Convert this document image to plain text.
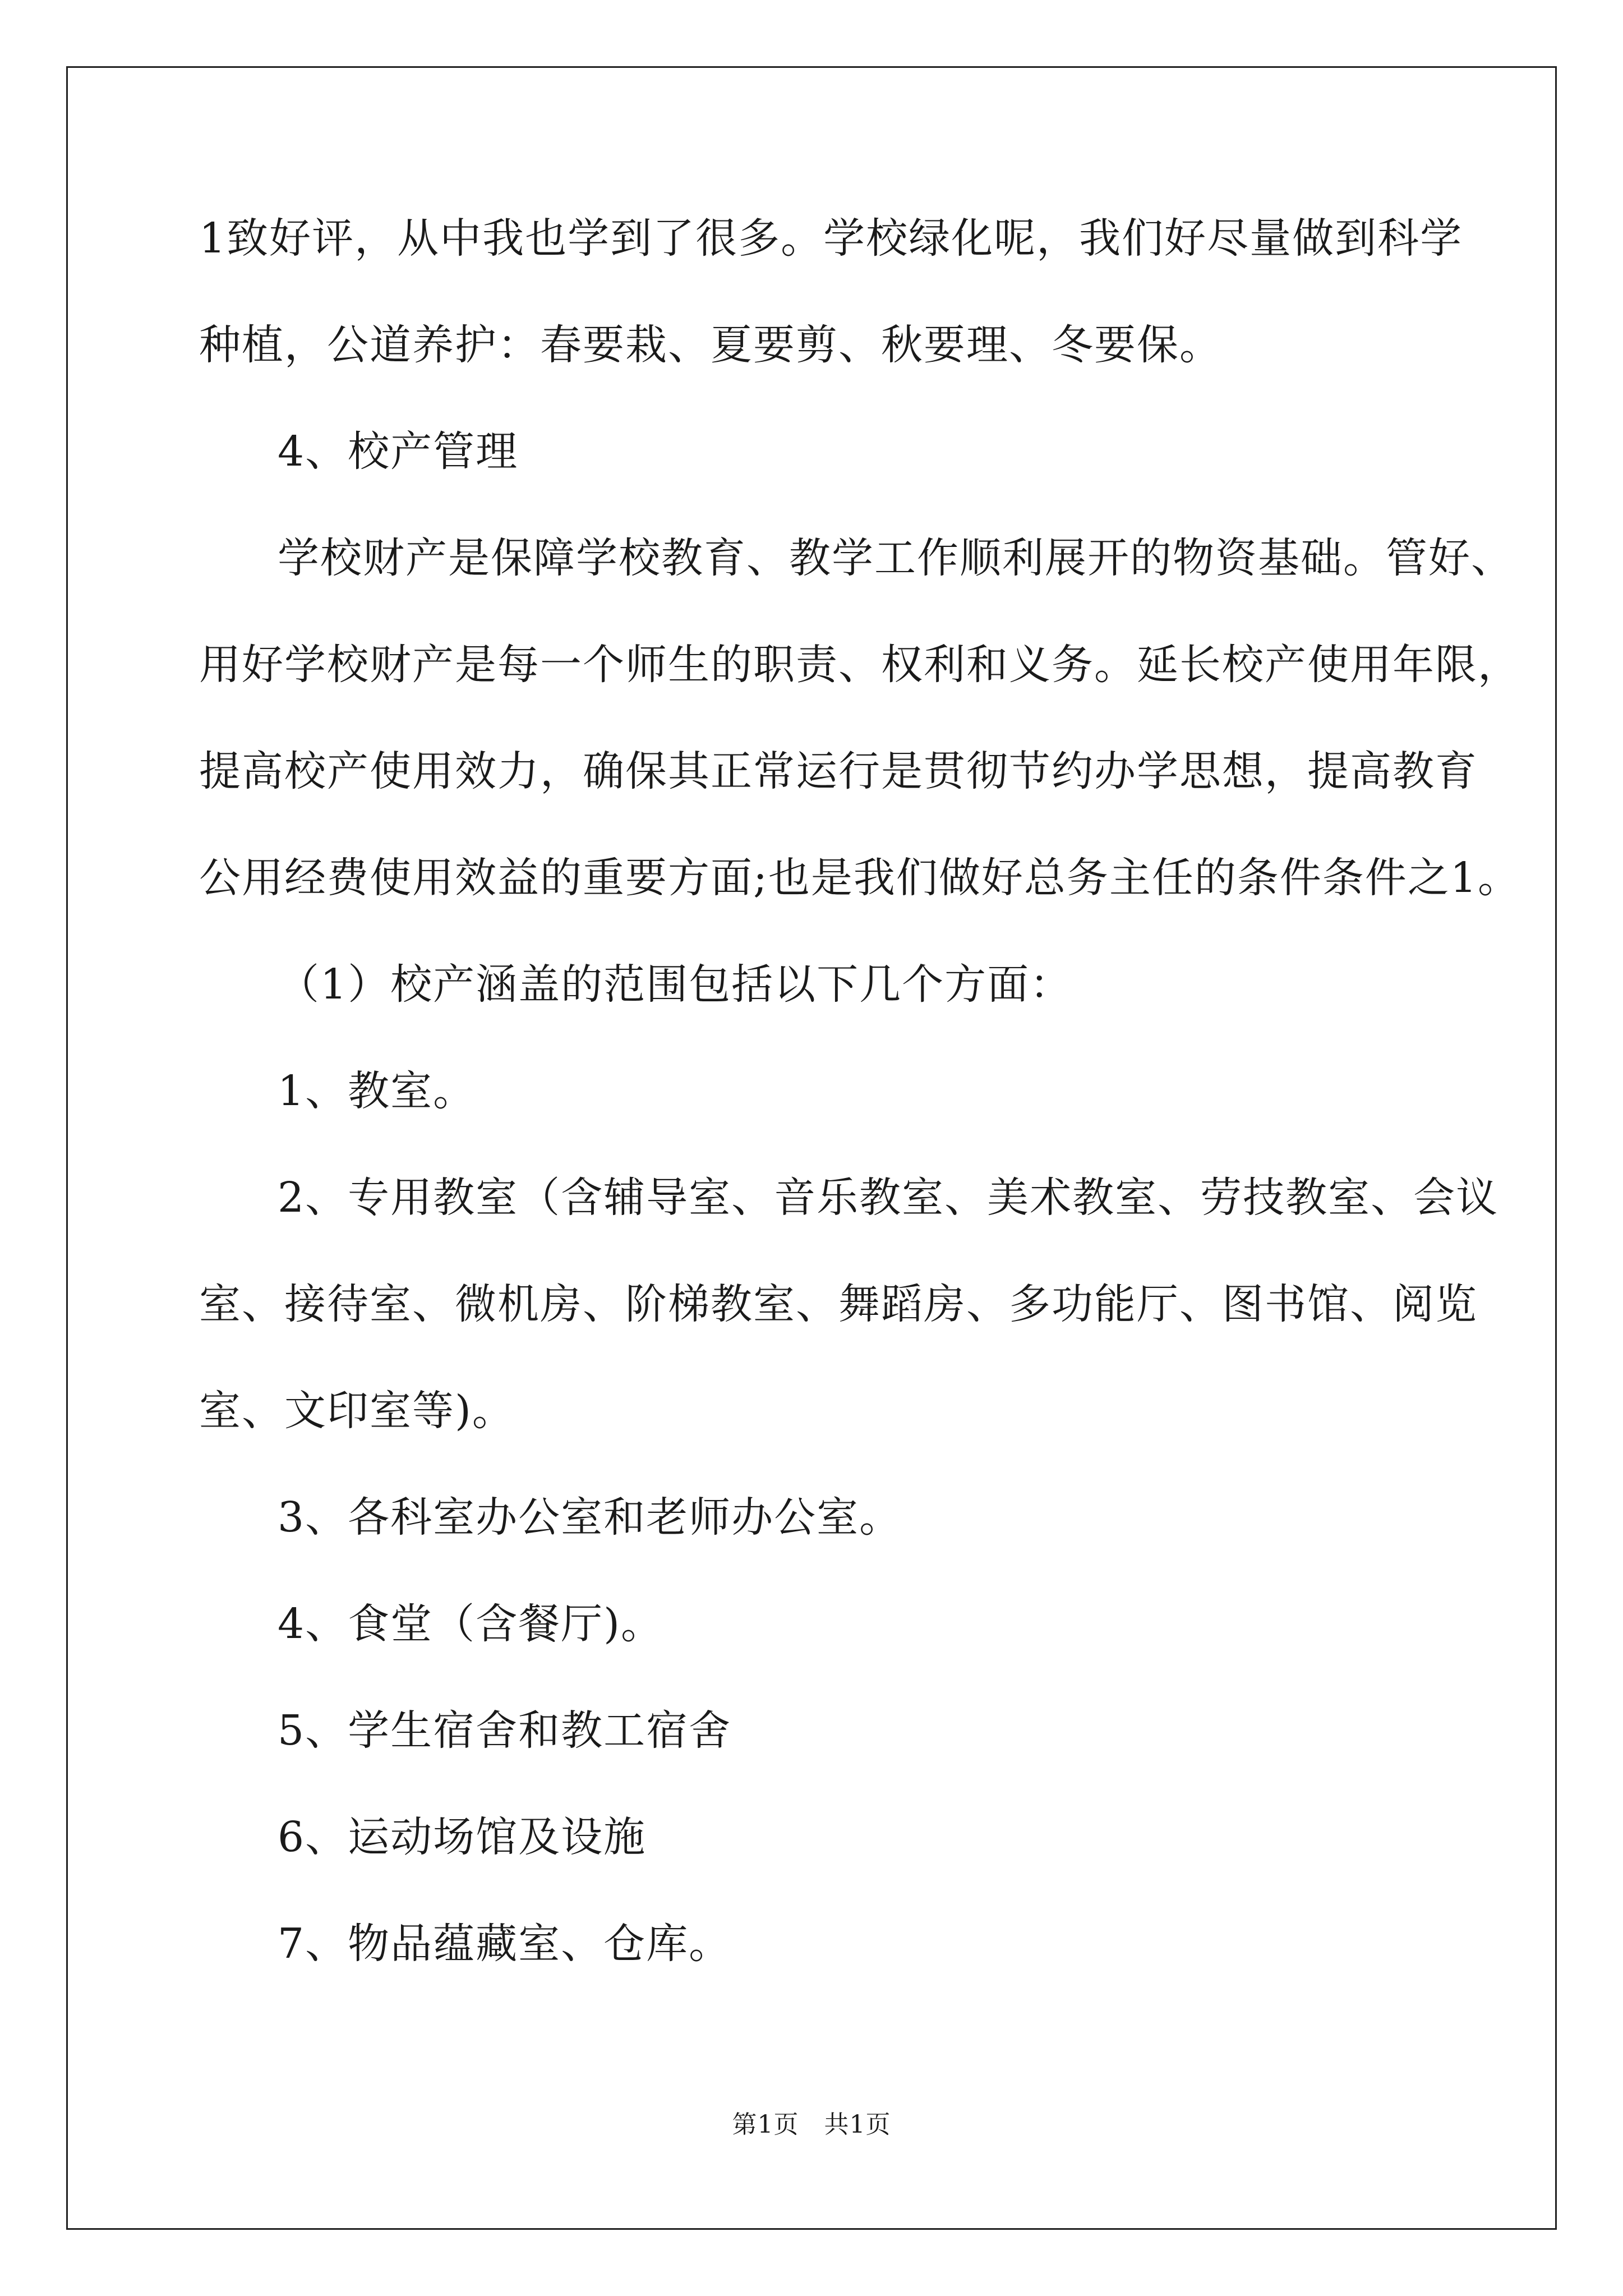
1致好评，从中我也学到了很多。学校绿化呢，我们好尽量做到科学
种植，公道养护：春要栽、夏要剪、秋要理、冬要保。
4、校产管理
学校财产是保障学校教育、教学工作顺利展开的物资基础。管好、
用好学校财产是每一个师生的职责、权利和义务。延长校产使用年限，
提高校产使用效力，确保其正常运行是贯彻节约办学思想，提高教育
公用经费使用效益的重要方面;也是我们做好总务主任的条件条件之1。
（1）校产涵盖的范围包括以下几个方面：
1、教室。
2、专用教室（含辅导室、音乐教室、美术教室、劳技教室、会议
室、接待室、微机房、阶梯教室、舞蹈房、多功能厅、图书馆、阅览
室、文印室等)。
3、各科室办公室和老师办公室。
4、食堂（含餐厅)。
5、学生宿舍和教工宿舍
6、运动场馆及设施
7、物品蕴藏室、仓库。
第1页   共1页
